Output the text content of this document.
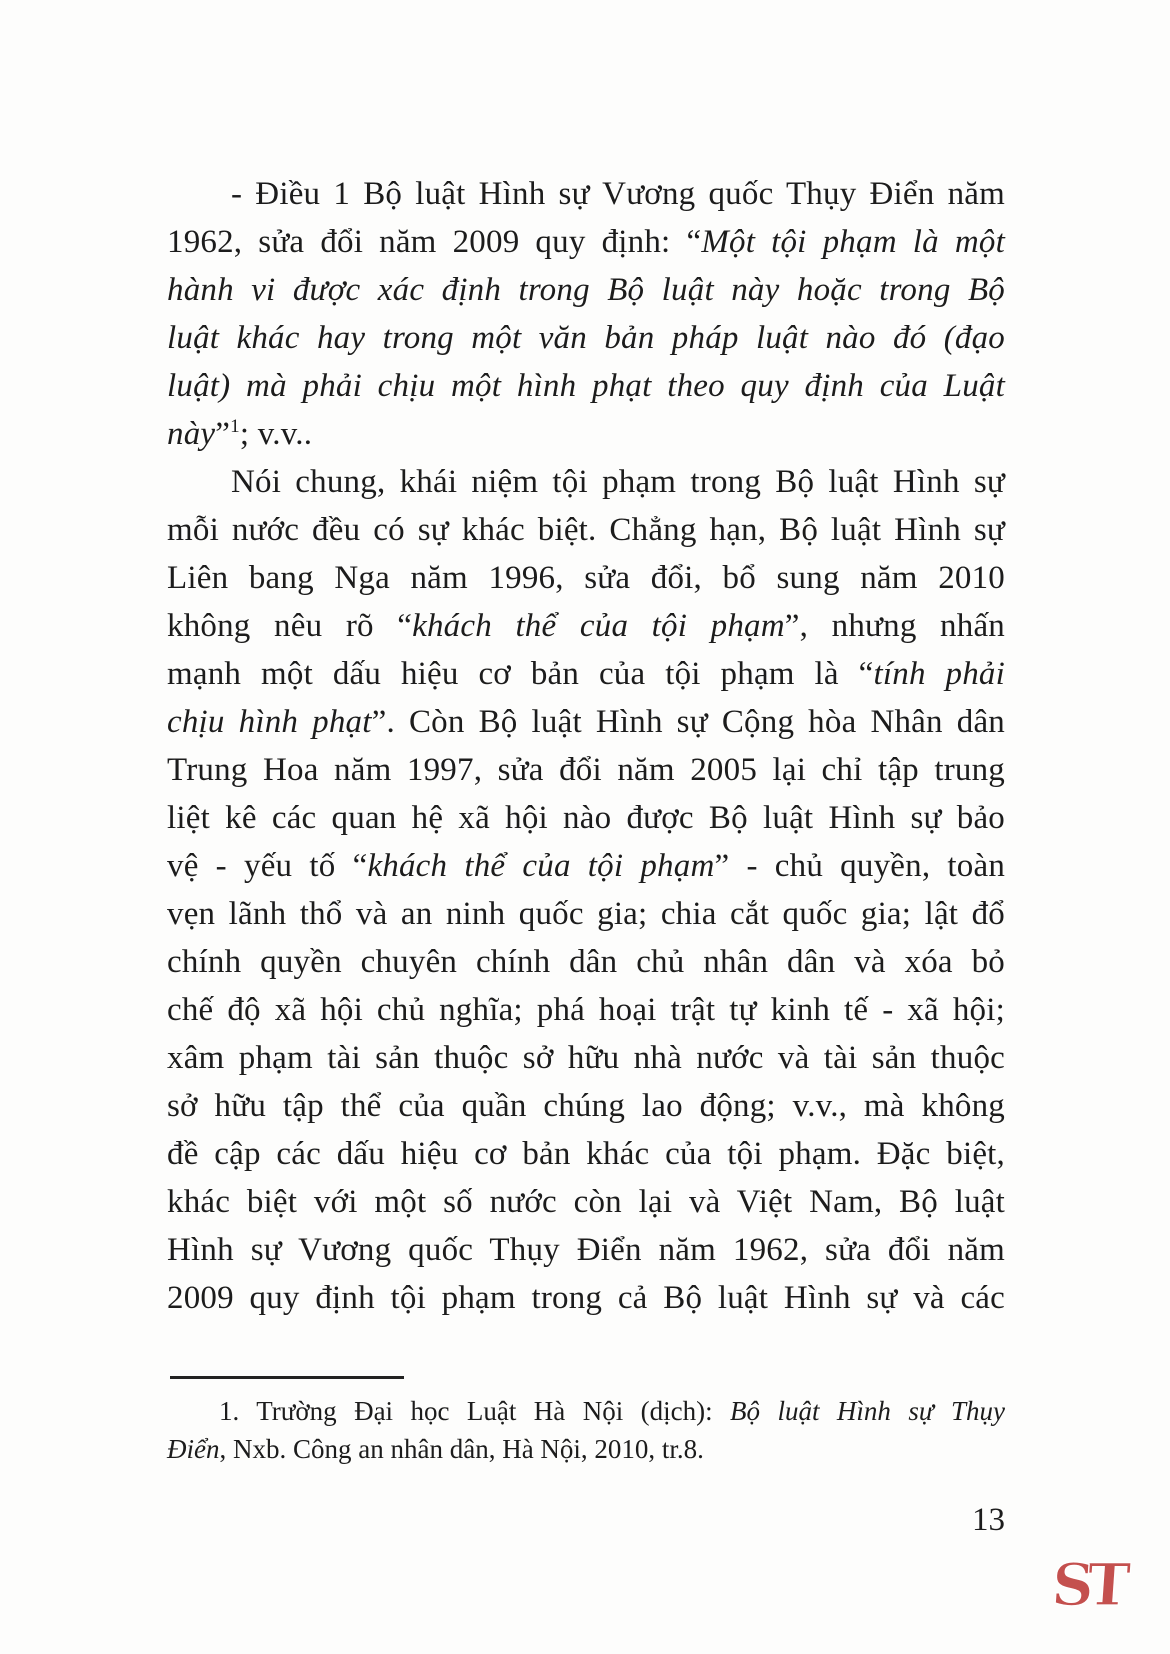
- Điều 1 Bộ luật Hình sự Vương quốc Thụy Điển năm
1962, sửa đổi năm 2009 quy định: “Một tội phạm là một
hành vi được xác định trong Bộ luật này hoặc trong Bộ
luật khác hay trong một văn bản pháp luật nào đó (đạo
luật) mà phải chịu một hình phạt theo quy định của Luật
này”$^1$; v.v..
Nói chung, khái niệm tội phạm trong Bộ luật Hình sự
mỗi nước đều có sự khác biệt. Chẳng hạn, Bộ luật Hình sự
Liên bang Nga năm 1996, sửa đổi, bổ sung năm 2010
không nêu rõ “khách thể của tội phạm”, nhưng nhấn
mạnh một dấu hiệu cơ bản của tội phạm là “tính phải
chịu hình phạt”. Còn Bộ luật Hình sự Cộng hòa Nhân dân
Trung Hoa năm 1997, sửa đổi năm 2005 lại chỉ tập trung
liệt kê các quan hệ xã hội nào được Bộ luật Hình sự bảo
vệ - yếu tố “khách thể của tội phạm” - chủ quyền, toàn
vẹn lãnh thổ và an ninh quốc gia; chia cắt quốc gia; lật đổ
chính quyền chuyên chính dân chủ nhân dân và xóa bỏ
chế độ xã hội chủ nghĩa; phá hoại trật tự kinh tế - xã hội;
xâm phạm tài sản thuộc sở hữu nhà nước và tài sản thuộc
sở hữu tập thể của quần chúng lao động; v.v., mà không
đề cập các dấu hiệu cơ bản khác của tội phạm. Đặc biệt,
khác biệt với một số nước còn lại và Việt Nam, Bộ luật
Hình sự Vương quốc Thụy Điển năm 1962, sửa đổi năm
2009 quy định tội phạm trong cả Bộ luật Hình sự và các
1. Trường Đại học Luật Hà Nội (dịch): Bộ luật Hình sự Thụy
Điển, Nxb. Công an nhân dân, Hà Nội, 2010, tr.8.
13
ST
